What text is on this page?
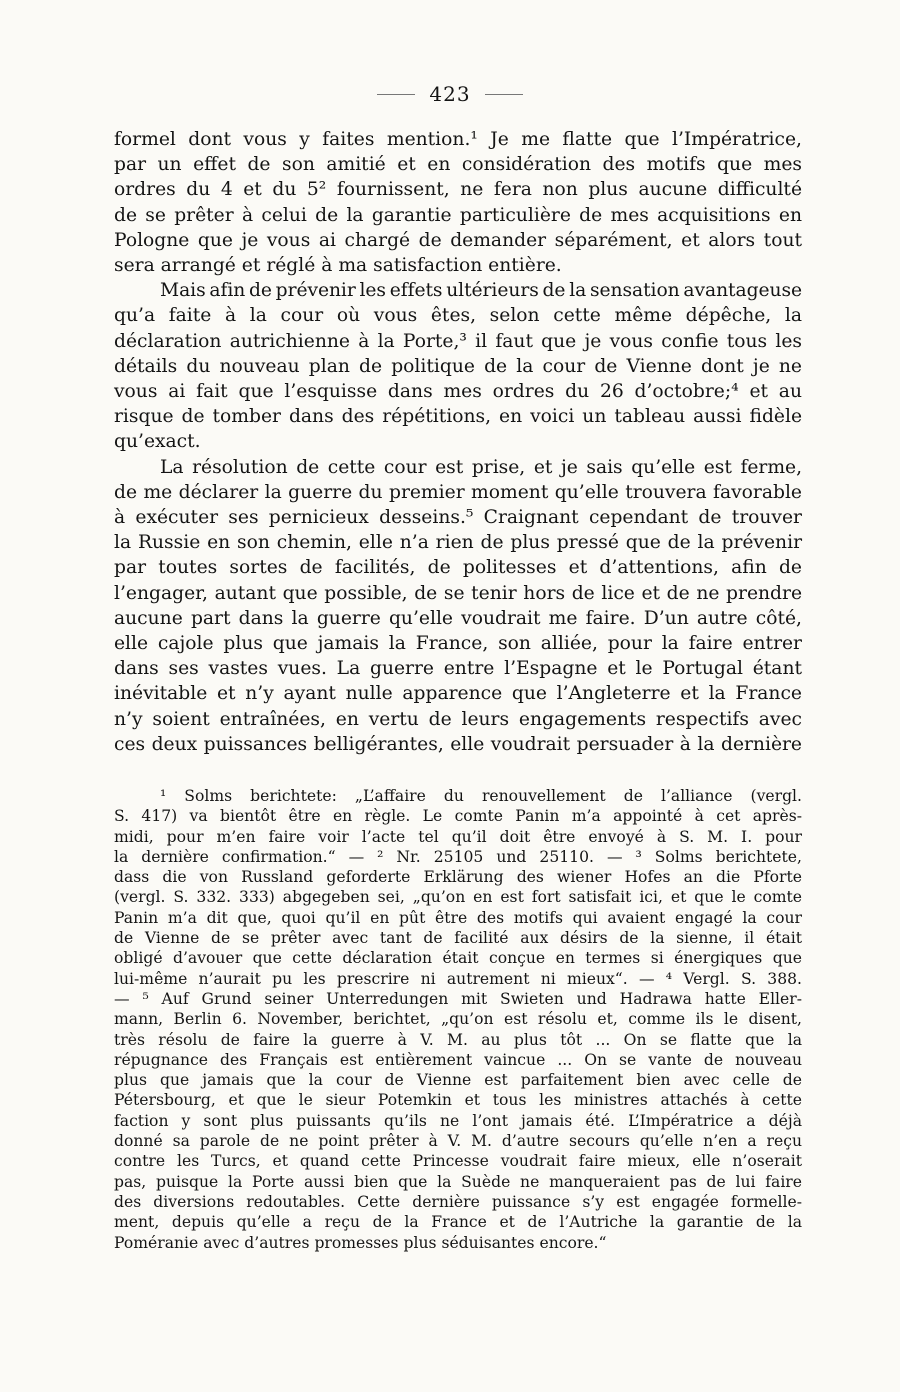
423
formel dont vous y faites mention.¹ Je me flatte que l’Impératrice,
par un effet de son amitié et en considération des motifs que mes
ordres du 4 et du 5² fournissent, ne fera non plus aucune difficulté
de se prêter à celui de la garantie particulière de mes acquisitions en
Pologne que je vous ai chargé de demander séparément, et alors tout
sera arrangé et réglé à ma satisfaction entière.
Mais afin de prévenir les effets ultérieurs de la sensation avantageuse
qu’a faite à la cour où vous êtes, selon cette même dépêche, la
déclaration autrichienne à la Porte,³ il faut que je vous confie tous les
détails du nouveau plan de politique de la cour de Vienne dont je ne
vous ai fait que l’esquisse dans mes ordres du 26 d’octobre;⁴ et au
risque de tomber dans des répétitions, en voici un tableau aussi fidèle
qu’exact.
La résolution de cette cour est prise, et je sais qu’elle est ferme,
de me déclarer la guerre du premier moment qu’elle trouvera favorable
à exécuter ses pernicieux desseins.⁵ Craignant cependant de trouver
la Russie en son chemin, elle n’a rien de plus pressé que de la prévenir
par toutes sortes de facilités, de politesses et d’attentions, afin de
l’engager, autant que possible, de se tenir hors de lice et de ne prendre
aucune part dans la guerre qu’elle voudrait me faire. D’un autre côté,
elle cajole plus que jamais la France, son alliée, pour la faire entrer
dans ses vastes vues. La guerre entre l’Espagne et le Portugal étant
inévitable et n’y ayant nulle apparence que l’Angleterre et la France
n’y soient entraînées, en vertu de leurs engagements respectifs avec
ces deux puissances belligérantes, elle voudrait persuader à la dernière
¹ Solms berichtete: „L’affaire du renouvellement de l’alliance (vergl.
S. 417) va bientôt être en règle. Le comte Panin m’a appointé à cet après-
midi, pour m’en faire voir l’acte tel qu’il doit être envoyé à S. M. I. pour
la dernière confirmation.“ — ² Nr. 25105 und 25110. — ³ Solms berichtete,
dass die von Russland geforderte Erklärung des wiener Hofes an die Pforte
(vergl. S. 332. 333) abgegeben sei, „qu’on en est fort satisfait ici, et que le comte
Panin m’a dit que, quoi qu’il en pût être des motifs qui avaient engagé la cour
de Vienne de se prêter avec tant de facilité aux désirs de la sienne, il était
obligé d’avouer que cette déclaration était conçue en termes si énergiques que
lui-même n’aurait pu les prescrire ni autrement ni mieux“. — ⁴ Vergl. S. 388.
— ⁵ Auf Grund seiner Unterredungen mit Swieten und Hadrawa hatte Eller-
mann, Berlin 6. November, berichtet, „qu’on est résolu et, comme ils le disent,
très résolu de faire la guerre à V. M. au plus tôt ... On se flatte que la
répugnance des Français est entièrement vaincue ... On se vante de nouveau
plus que jamais que la cour de Vienne est parfaitement bien avec celle de
Pétersbourg, et que le sieur Potemkin et tous les ministres attachés à cette
faction y sont plus puissants qu’ils ne l’ont jamais été. L’Impératrice a déjà
donné sa parole de ne point prêter à V. M. d’autre secours qu’elle n’en a reçu
contre les Turcs, et quand cette Princesse voudrait faire mieux, elle n’oserait
pas, puisque la Porte aussi bien que la Suède ne manqueraient pas de lui faire
des diversions redoutables. Cette dernière puissance s’y est engagée formelle-
ment, depuis qu’elle a reçu de la France et de l’Autriche la garantie de la
Poméranie avec d’autres promesses plus séduisantes encore.“
